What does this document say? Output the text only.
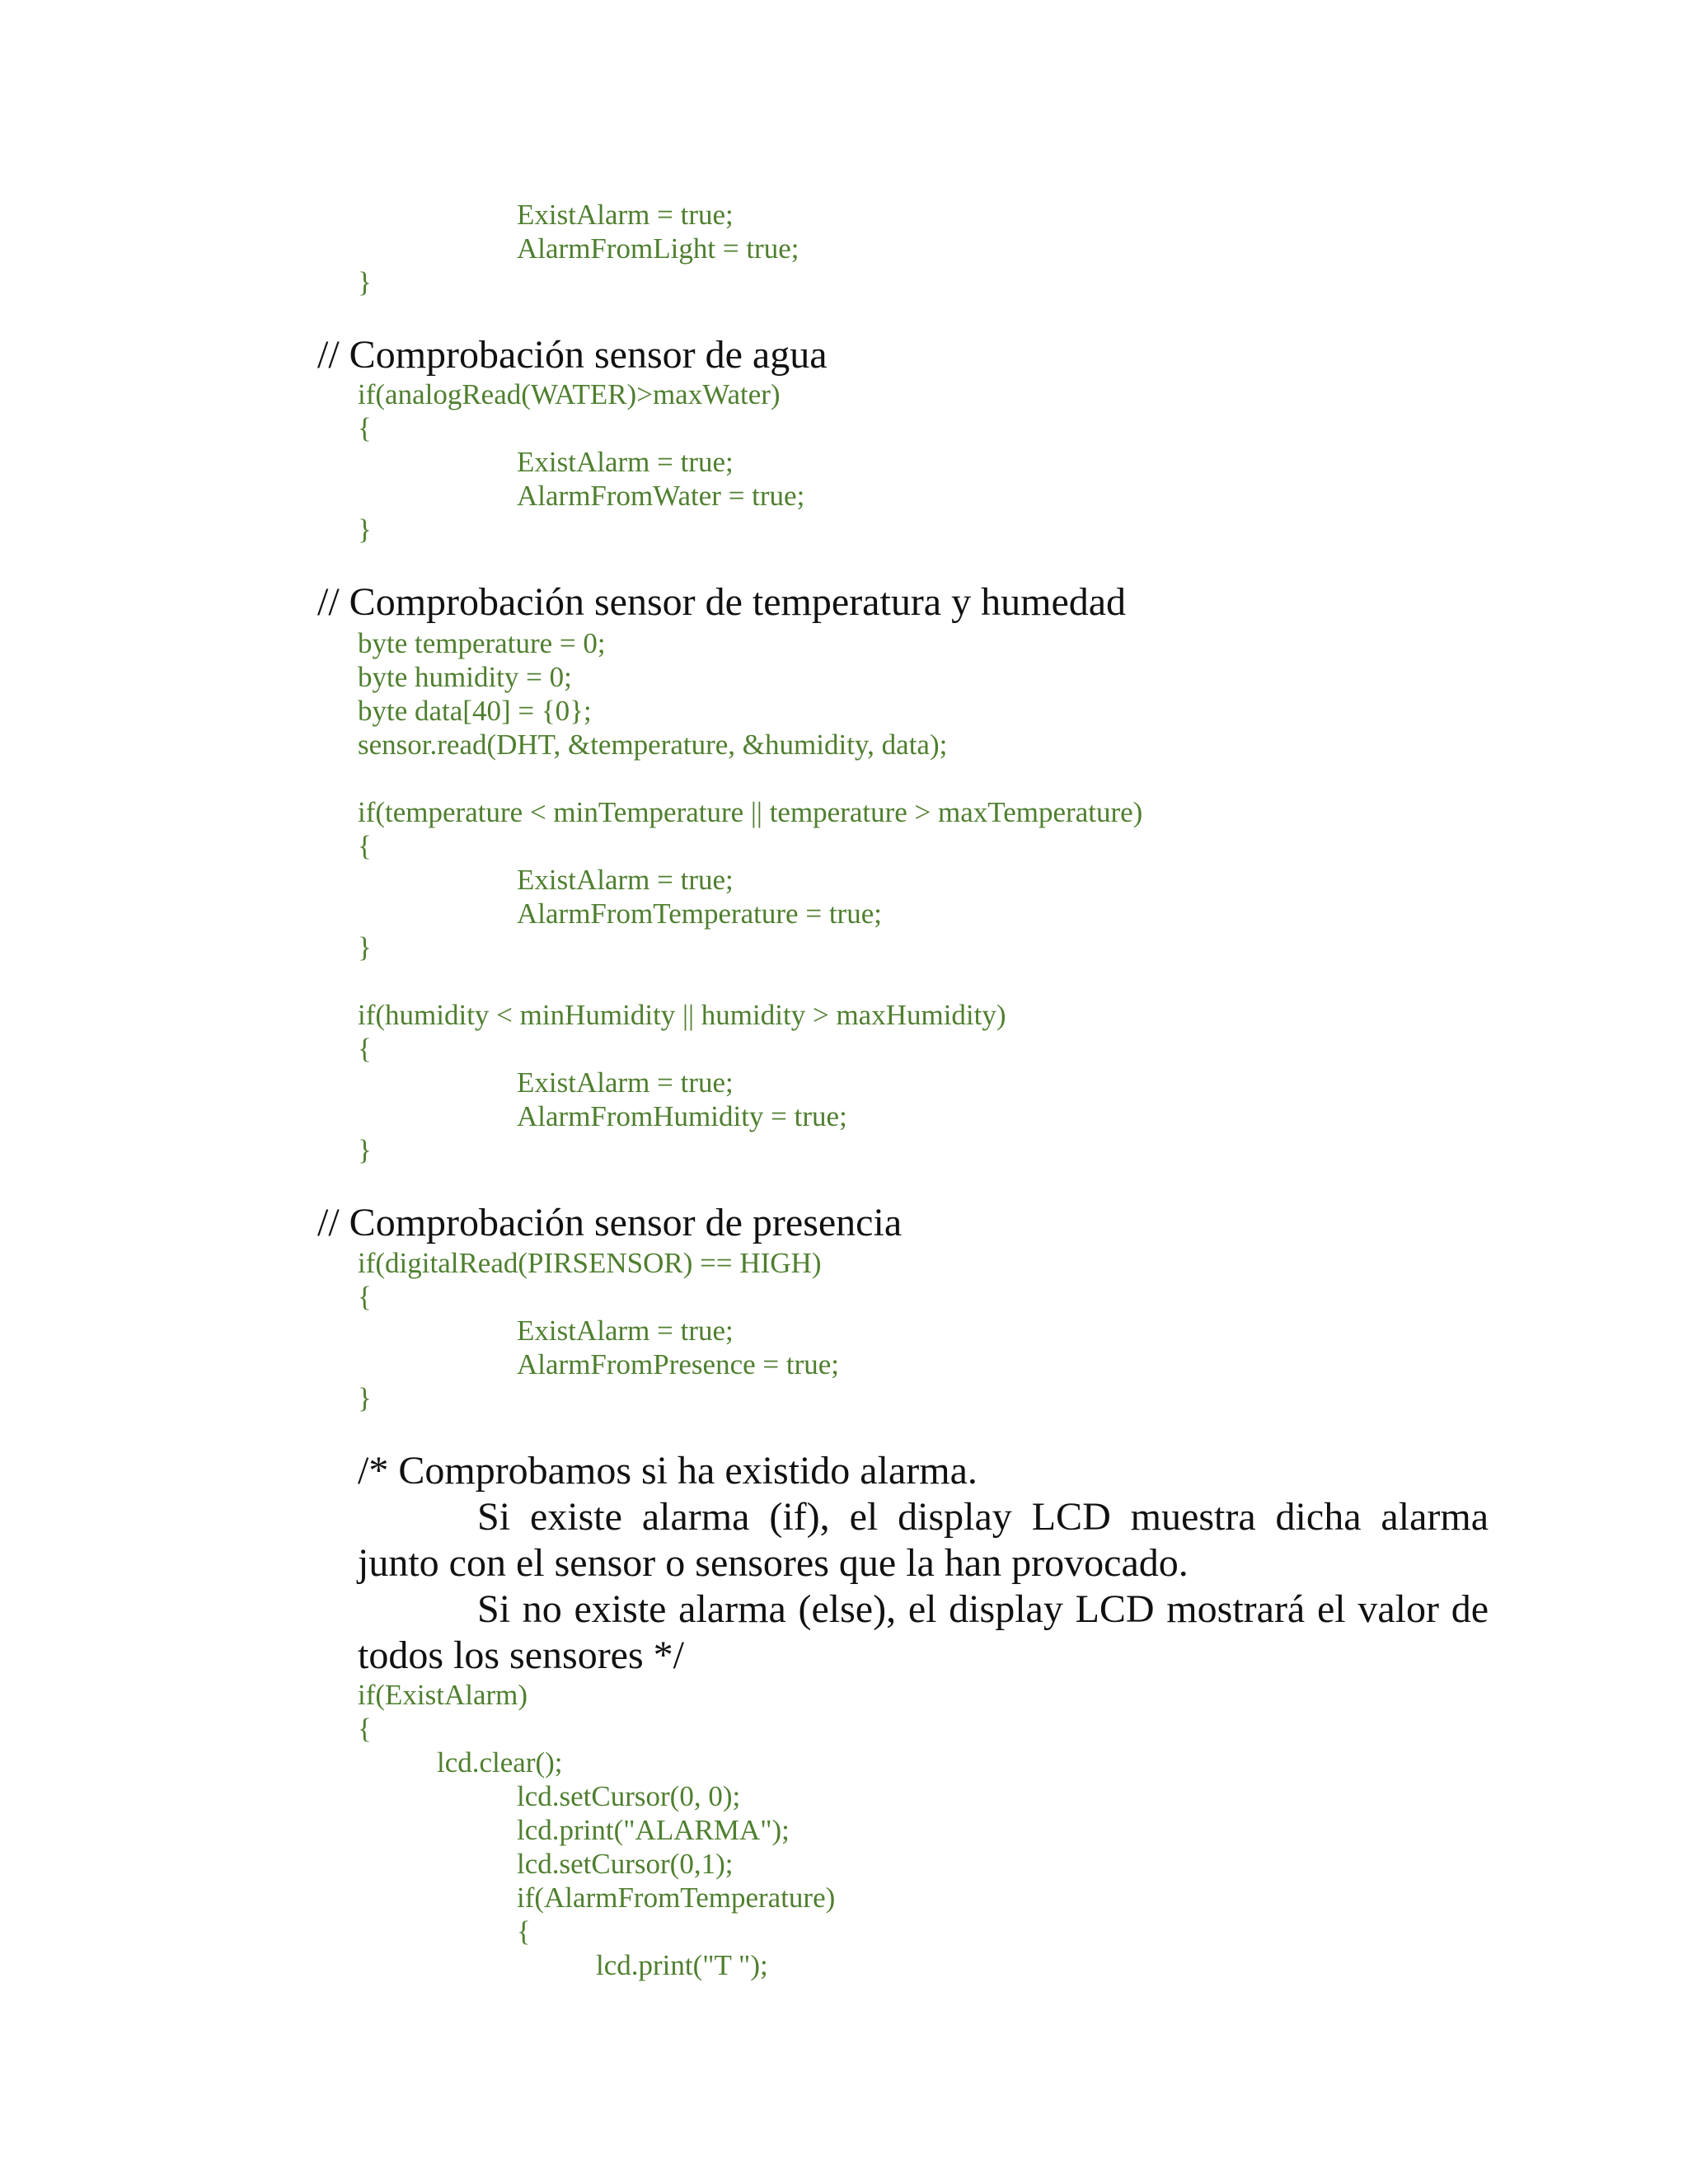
ExistAlarm = true;

AlarmFromLight = true;

}

// Comprobación sensor de agua

if(analogRead(WATER)>maxWater)

{

ExistAlarm = true;

AlarmFromWater = true;

}

// Comprobación sensor de temperatura y humedad

byte temperature = 0;

byte humidity = 0;

byte data[40] = {0};

sensor.read(DHT, &temperature, &humidity, data);

if(temperature < minTemperature || temperature > maxTemperature)

{

ExistAlarm = true;

AlarmFromTemperature = true;

}

if(humidity < minHumidity || humidity > maxHumidity)

{

ExistAlarm = true;

AlarmFromHumidity = true;

}

// Comprobación sensor de presencia

if(digitalRead(PIRSENSOR) == HIGH)

{

ExistAlarm = true;

AlarmFromPresence = true;

}

/* Comprobamos si ha existido alarma.

Si existe alarma (if), el display LCD muestra dicha alarma junto con el sensor o sensores que la han provocado.

Si no existe alarma (else), el display LCD mostrará el valor de todos los sensores */

if(ExistAlarm)

{

lcd.clear();

lcd.setCursor(0, 0);

lcd.print("ALARMA");

lcd.setCursor(0,1);

if(AlarmFromTemperature)

{

lcd.print("T ");
